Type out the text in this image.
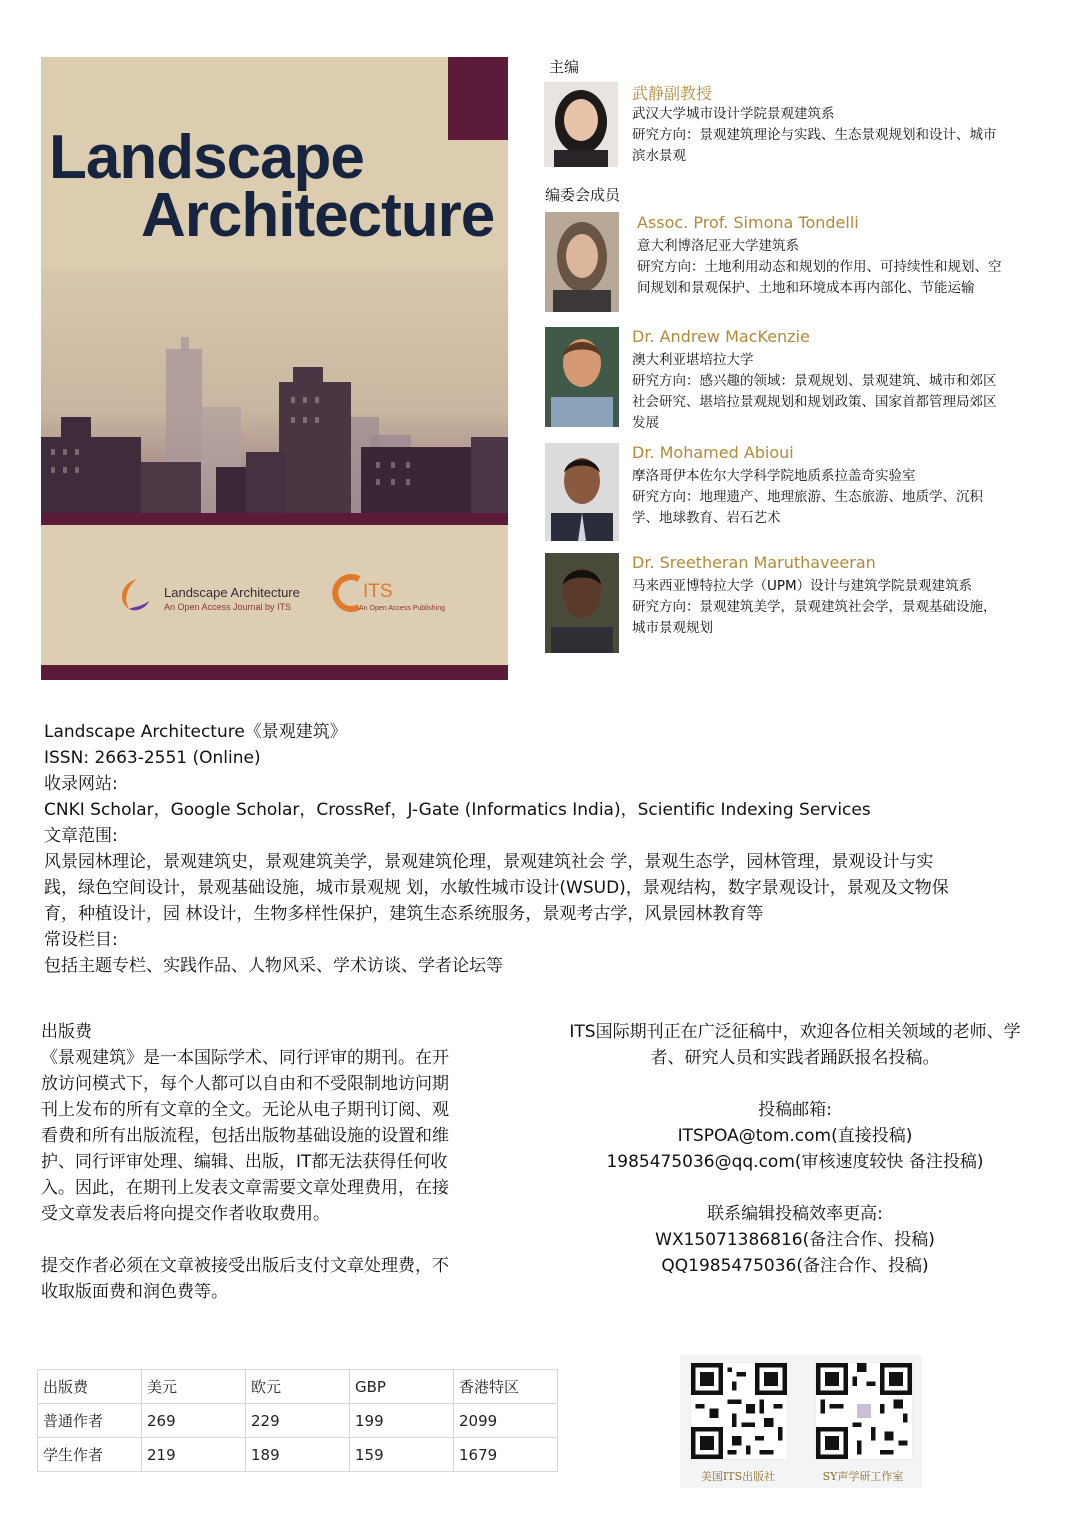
Landscape
Architecture
Landscape Architecture
An Open Access Journal by ITS
ITS
An Open Access Publishing
主编
武静副教授
武汉大学城市设计学院景观建筑系
研究方向：景观建筑理论与实践、生态景观规划和设计、城市
滨水景观
编委会成员
Assoc. Prof. Simona Tondelli
意大利博洛尼亚大学建筑系
研究方向：土地利用动态和规划的作用、可持续性和规划、空
间规划和景观保护、土地和环境成本再内部化、节能运输
Dr. Andrew MacKenzie
澳大利亚堪培拉大学
研究方向：感兴趣的领域：景观规划、景观建筑、城市和郊区
社会研究、堪培拉景观规划和规划政策、国家首都管理局郊区
发展
Dr. Mohamed Abioui
摩洛哥伊本佐尔大学科学院地质系拉盖奇实验室
研究方向：地理遗产、地理旅游、生态旅游、地质学、沉积
学、地球教育、岩石艺术
Dr. Sreetheran Maruthaveeran
马来西亚博特拉大学（UPM）设计与建筑学院景观建筑系
研究方向：景观建筑美学，景观建筑社会学，景观基础设施，
城市景观规划
Landscape Architecture《景观建筑》
ISSN: 2663-2551 (Online)
收录网站:
CNKI Scholar，Google Scholar，CrossRef，J-Gate (Informatics India)，Scientific Indexing Services
文章范围:
风景园林理论，景观建筑史，景观建筑美学，景观建筑伦理，景观建筑社会 学，景观生态学，园林管理，景观设计与实
践，绿色空间设计，景观基础设施，城市景观规 划，水敏性城市设计(WSUD)，景观结构，数字景观设计，景观及文物保
育，种植设计，园 林设计，生物多样性保护，建筑生态系统服务，景观考古学，风景园林教育等
常设栏目:
包括主题专栏、实践作品、人物风采、学术访谈、学者论坛等
出版费
《景观建筑》是一本国际学术、同行评审的期刊。在开
放访问模式下，每个人都可以自由和不受限制地访问期
刊上发布的所有文章的全文。无论从电子期刊订阅、观
看费和所有出版流程，包括出版物基础设施的设置和维
护、同行评审处理、编辑、出版，IT都无法获得任何收
入。因此，在期刊上发表文章需要文章处理费用，在接
受文章发表后将向提交作者收取费用。
提交作者必须在文章被接受出版后支付文章处理费，不
收取版面费和润色费等。
ITS国际期刊正在广泛征稿中，欢迎各位相关领域的老师、学
者、研究人员和实践者踊跃报名投稿。
投稿邮箱:
ITSPOA@tom.com(直接投稿)
1985475036@qq.com(审核速度较快 备注投稿)
联系编辑投稿效率更高:
WX15071386816(备注合作、投稿)
QQ1985475036(备注合作、投稿)
出版费	美元	欧元	GBP	香港特区
普通作者	269	229	199	2099
学生作者	219	189	159	1679
美国ITS出版社	SY声学研工作室
